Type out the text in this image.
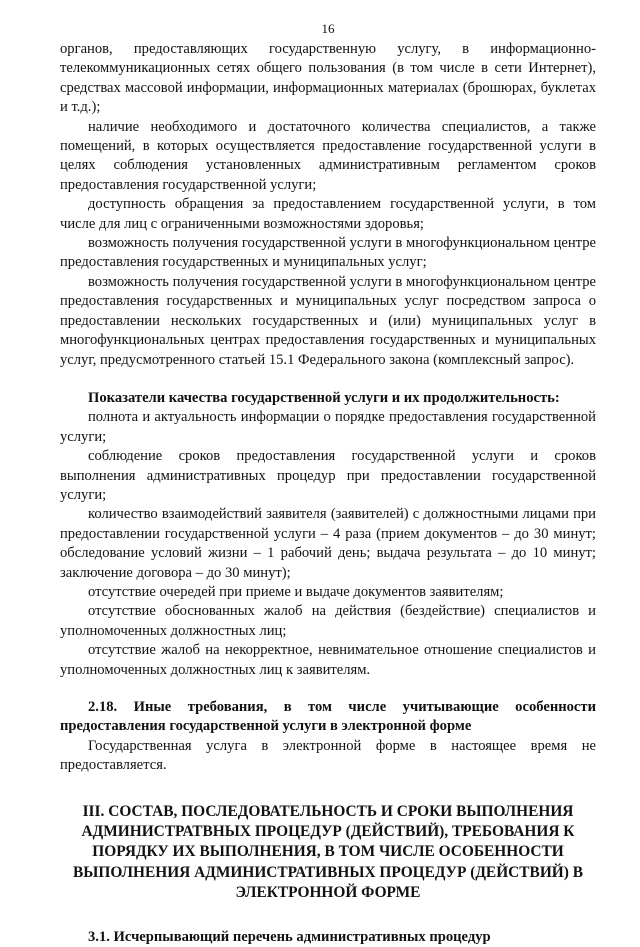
16

органов, предоставляющих государственную услугу, в информационно-телекоммуникационных сетях общего пользования (в том числе в сети Интернет), средствах массовой информации, информационных материалах (брошюрах, буклетах и т.д.);

наличие необходимого и достаточного количества специалистов, а также помещений, в которых осуществляется предоставление государственной услуги в целях соблюдения установленных административным регламентом сроков предоставления государственной услуги;

доступность обращения за предоставлением государственной услуги, в том числе для лиц с ограниченными возможностями здоровья;

возможность получения государственной услуги в многофункциональном центре предоставления государственных и муниципальных услуг;

возможность получения государственной услуги в многофункциональном центре предоставления государственных и муниципальных услуг посредством запроса о предоставлении нескольких государственных и (или) муниципальных услуг в многофункциональных центрах предоставления государственных и муниципальных услуг, предусмотренного статьей 15.1 Федерального закона (комплексный запрос).

Показатели качества государственной услуги и их продолжительность:

полнота и актуальность информации о порядке предоставления государственной услуги;

соблюдение сроков предоставления государственной услуги и сроков выполнения административных процедур при предоставлении государственной услуги;

количество взаимодействий заявителя (заявителей) с должностными лицами при предоставлении государственной услуги – 4 раза (прием документов – до 30 минут; обследование условий жизни – 1 рабочий день; выдача результата – до 10 минут; заключение договора – до 30 минут);

отсутствие очередей при приеме и выдаче документов заявителям;

отсутствие обоснованных жалоб на действия (бездействие) специалистов и уполномоченных должностных лиц;

отсутствие жалоб на некорректное, невнимательное отношение специалистов и уполномоченных должностных лиц к заявителям.

2.18. Иные требования, в том числе учитывающие особенности предоставления государственной услуги в электронной форме

Государственная услуга в электронной форме в настоящее время не предоставляется.

III. СОСТАВ, ПОСЛЕДОВАТЕЛЬНОСТЬ И СРОКИ ВЫПОЛНЕНИЯ АДМИНИСТРАТВНЫХ ПРОЦЕДУР (ДЕЙСТВИЙ), ТРЕБОВАНИЯ К ПОРЯДКУ ИХ ВЫПОЛНЕНИЯ, В ТОМ ЧИСЛЕ ОСОБЕННОСТИ ВЫПОЛНЕНИЯ АДМИНИСТРАТИВНЫХ ПРОЦЕДУР (ДЕЙСТВИЙ) В ЭЛЕКТРОННОЙ ФОРМЕ

3.1. Исчерпывающий перечень административных процедур
